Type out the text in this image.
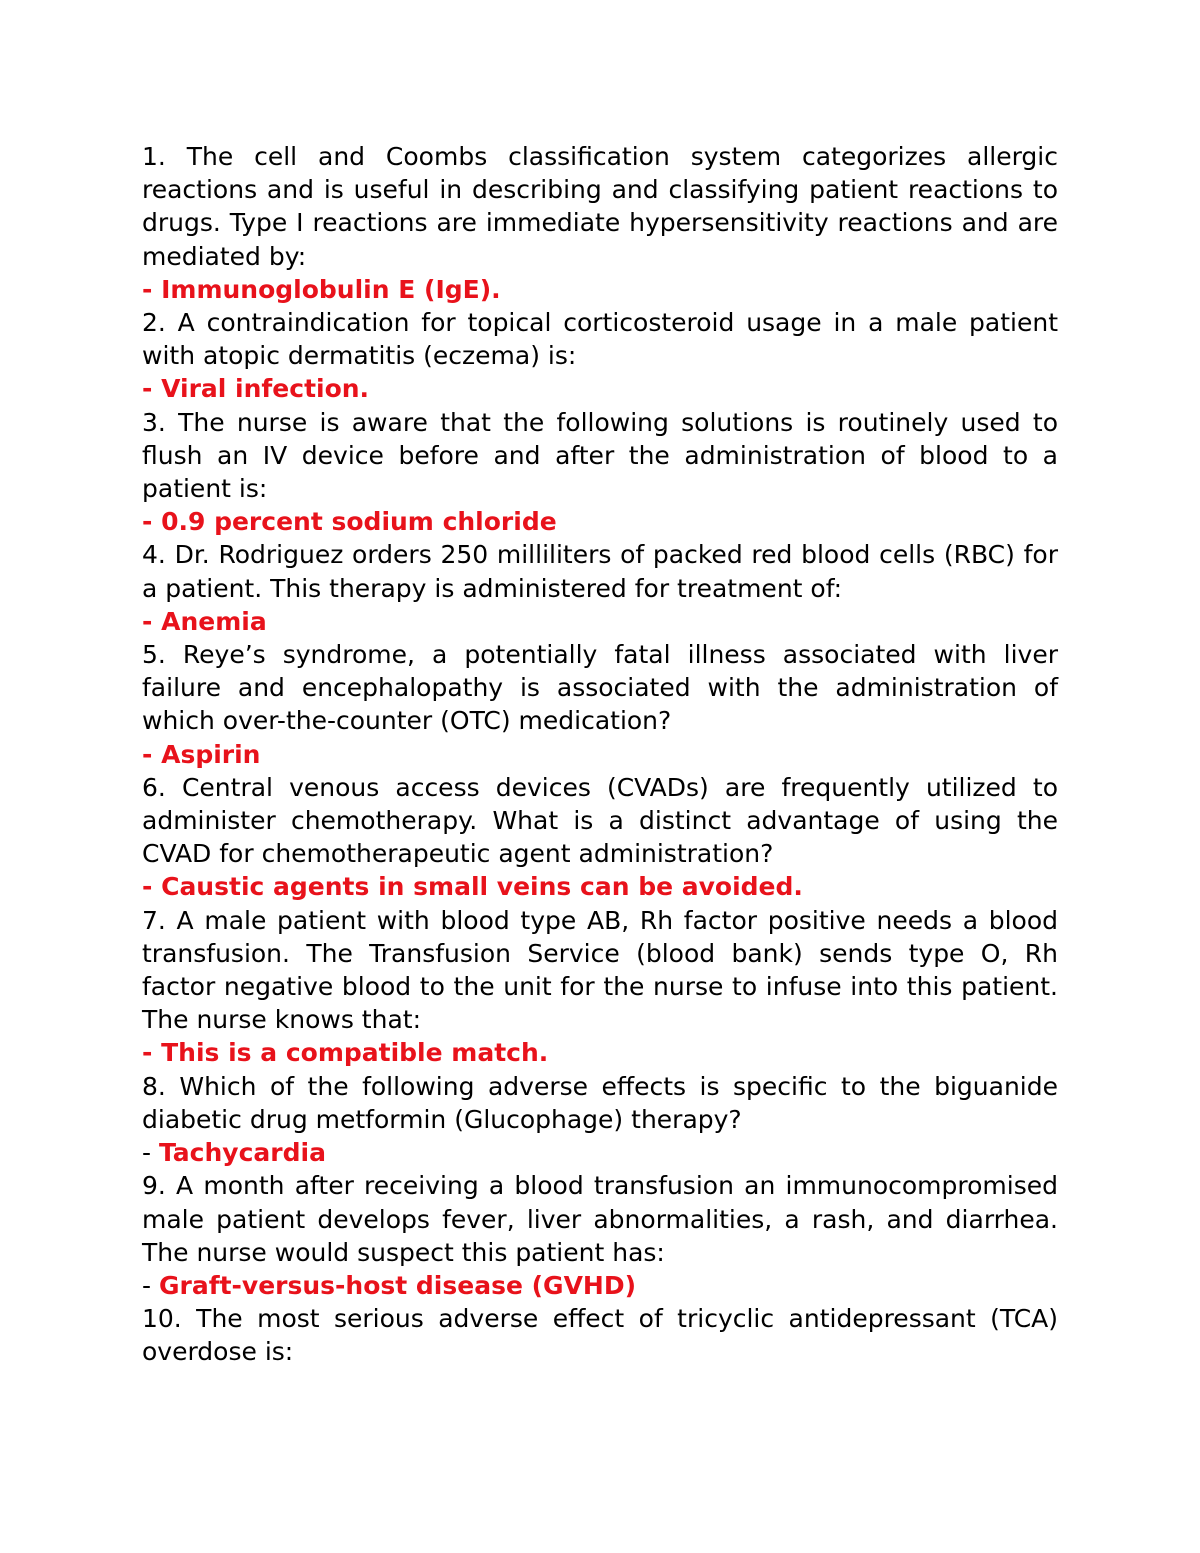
1. The cell and Coombs classification system categorizes allergic reactions and is useful in describing and classifying patient reactions to drugs. Type I reactions are immediate hypersensitivity reactions and are mediated by:

- Immunoglobulin E (IgE).

2. A contraindication for topical corticosteroid usage in a male patient with atopic dermatitis (eczema) is:

- Viral infection.

3. The nurse is aware that the following solutions is routinely used to flush an IV device before and after the administration of blood to a patient is:

- 0.9 percent sodium chloride

4. Dr. Rodriguez orders 250 milliliters of packed red blood cells (RBC) for a patient. This therapy is administered for treatment of:

- Anemia

5. Reye’s syndrome, a potentially fatal illness associated with liver failure and encephalopathy is associated with the administration of which over-the-counter (OTC) medication?

- Aspirin

6. Central venous access devices (CVADs) are frequently utilized to administer chemotherapy. What is a distinct advantage of using the CVAD for chemotherapeutic agent administration?

- Caustic agents in small veins can be avoided.

7. A male patient with blood type AB, Rh factor positive needs a blood transfusion. The Transfusion Service (blood bank) sends type O, Rh factor negative blood to the unit for the nurse to infuse into this patient. The nurse knows that:

- This is a compatible match.

8. Which of the following adverse effects is specific to the biguanide diabetic drug metformin (Glucophage) therapy?

- Tachycardia

9. A month after receiving a blood transfusion an immunocompromised male patient develops fever, liver abnormalities, a rash, and diarrhea. The nurse would suspect this patient has:

- Graft-versus-host disease (GVHD)

10. The most serious adverse effect of tricyclic antidepressant (TCA) overdose is:
